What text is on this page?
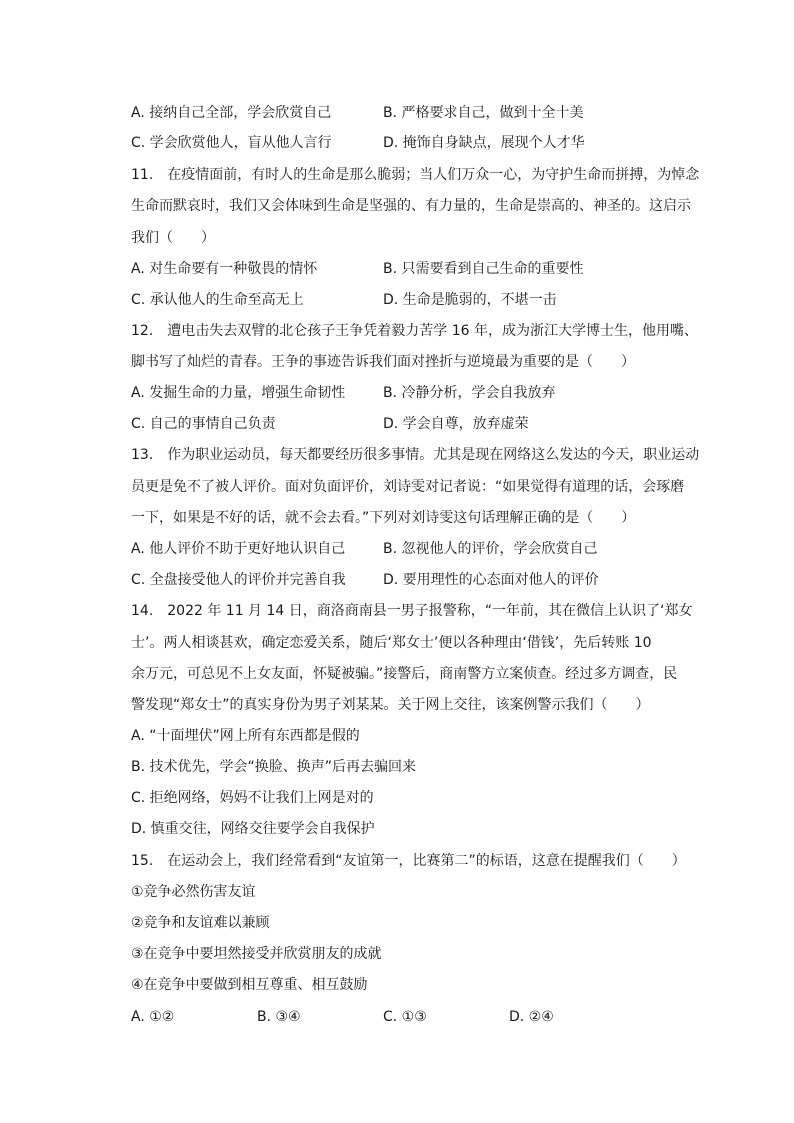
A. 接纳自己全部，学会欣赏自己	B. 严格要求自己，做到十全十美
C. 学会欣赏他人，盲从他人言行	D. 掩饰自身缺点，展现个人才华
11.　在疫情面前，有时人的生命是那么脆弱；当人们万众一心，为守护生命而拼搏，为悼念
生命而默哀时，我们又会体味到生命是坚强的、有力量的，生命是崇高的、神圣的。这启示
我们（　　）
A. 对生命要有一种敬畏的情怀	B. 只需要看到自己生命的重要性
C. 承认他人的生命至高无上	D. 生命是脆弱的，不堪一击
12.　遭电击失去双臂的北仑孩子王争凭着毅力苦学 16 年，成为浙江大学博士生，他用嘴、
脚书写了灿烂的青春。王争的事迹告诉我们面对挫折与逆境最为重要的是（　　）
A. 发掘生命的力量，增强生命韧性	B. 冷静分析，学会自我放弃
C. 自己的事情自己负责	D. 学会自尊，放弃虚荣
13.　作为职业运动员，每天都要经历很多事情。尤其是现在网络这么发达的今天，职业运动
员更是免不了被人评价。面对负面评价，刘诗雯对记者说：“如果觉得有道理的话，会琢磨
一下，如果是不好的话，就不会去看。”下列对刘诗雯这句话理解正确的是（　　）
A. 他人评价不助于更好地认识自己	B. 忽视他人的评价，学会欣赏自己
C. 全盘接受他人的评价并完善自我	D. 要用理性的心态面对他人的评价
14.　2022 年 11 月 14 日，商洛商南县一男子报警称，“一年前，其在微信上认识了‘郑女
士’。两人相谈甚欢，确定恋爱关系，随后‘郑女士’便以各种理由‘借钱’，先后转账 10
余万元，可总见不上女友面，怀疑被骗。”接警后，商南警方立案侦查。经过多方调查，民
警发现“郑女士”的真实身份为男子刘某某。关于网上交往，该案例警示我们（　　）
A. “十面埋伏”网上所有东西都是假的
B. 技术优先，学会“换脸、换声”后再去骗回来
C. 拒绝网络，妈妈不让我们上网是对的
D. 慎重交往，网络交往要学会自我保护
15.　在运动会上，我们经常看到“友谊第一，比赛第二”的标语，这意在提醒我们（　　）
①竞争必然伤害友谊
②竞争和友谊难以兼顾
③在竞争中要坦然接受并欣赏朋友的成就
④在竞争中要做到相互尊重、相互鼓励
A. ①②	B. ③④	C. ①③	D. ②④
